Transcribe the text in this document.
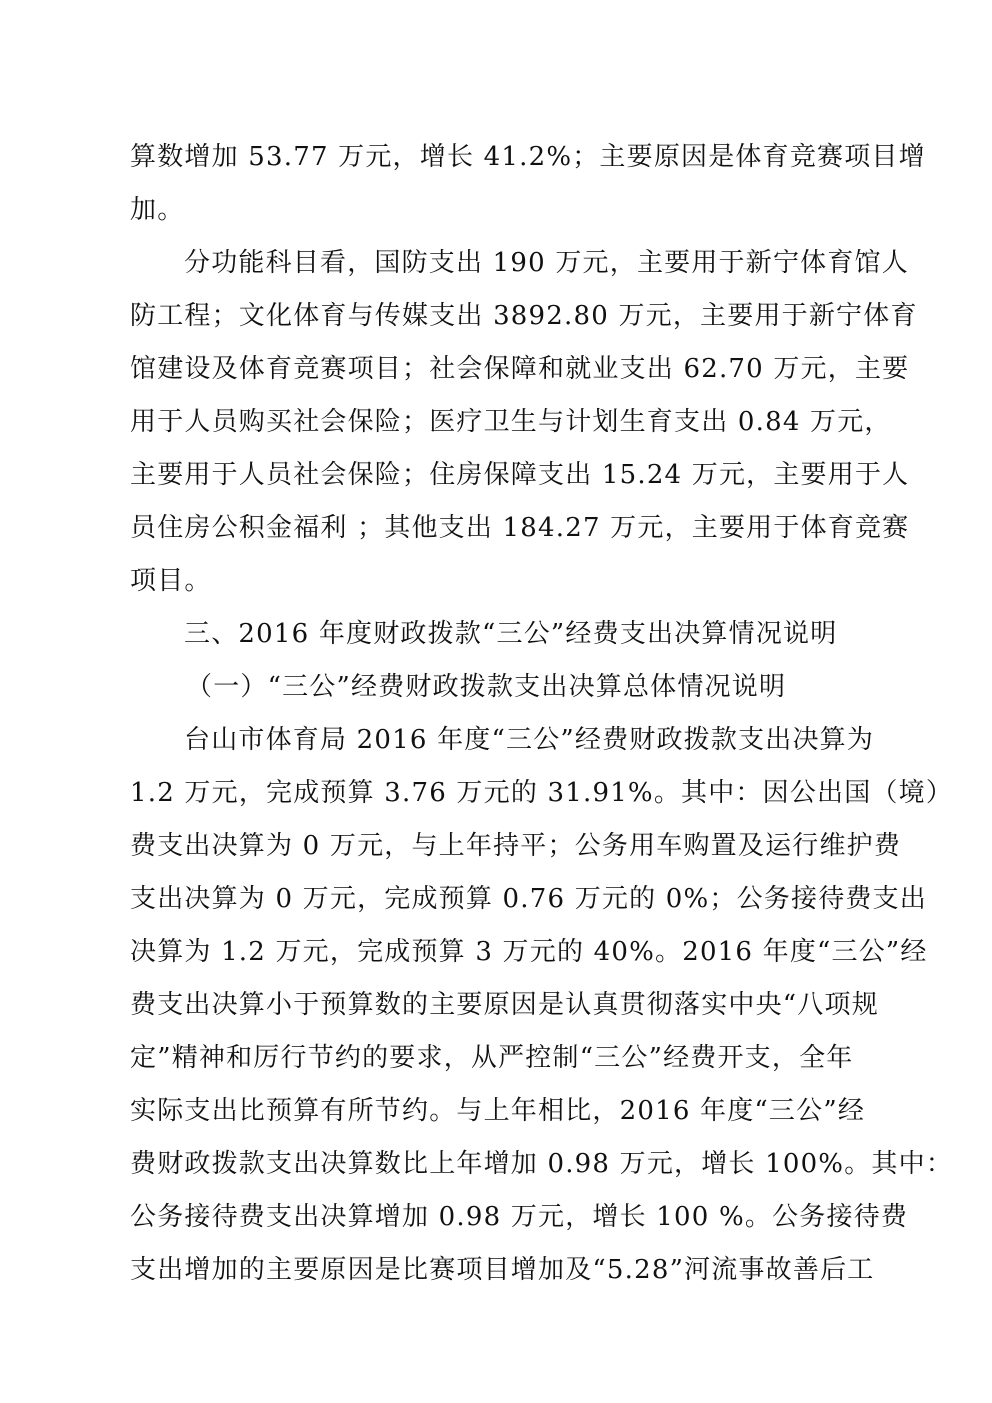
算数增加 53.77 万元，增长 41.2%；主要原因是体育竞赛项目增
加。
分功能科目看，国防支出 190 万元，主要用于新宁体育馆人
防工程；文化体育与传媒支出 3892.80 万元，主要用于新宁体育
馆建设及体育竞赛项目；社会保障和就业支出 62.70 万元，主要
用于人员购买社会保险；医疗卫生与计划生育支出 0.84 万元，
主要用于人员社会保险；住房保障支出 15.24 万元，主要用于人
员住房公积金福利 ；其他支出 184.27 万元，主要用于体育竞赛
项目。
三、2016 年度财政拨款“三公”经费支出决算情况说明
（一）“三公”经费财政拨款支出决算总体情况说明
台山市体育局 2016 年度“三公”经费财政拨款支出决算为
1.2 万元，完成预算 3.76 万元的 31.91%。其中：因公出国（境）
费支出决算为 0 万元，与上年持平；公务用车购置及运行维护费
支出决算为 0 万元，完成预算 0.76 万元的 0%；公务接待费支出
决算为 1.2 万元，完成预算 3 万元的 40%。2016 年度“三公”经
费支出决算小于预算数的主要原因是认真贯彻落实中央“八项规
定”精神和厉行节约的要求，从严控制“三公”经费开支，全年
实际支出比预算有所节约。与上年相比，2016 年度“三公”经
费财政拨款支出决算数比上年增加 0.98 万元，增长 100%。其中：
公务接待费支出决算增加 0.98 万元，增长 100 %。公务接待费
支出增加的主要原因是比赛项目增加及“5.28”河流事故善后工
